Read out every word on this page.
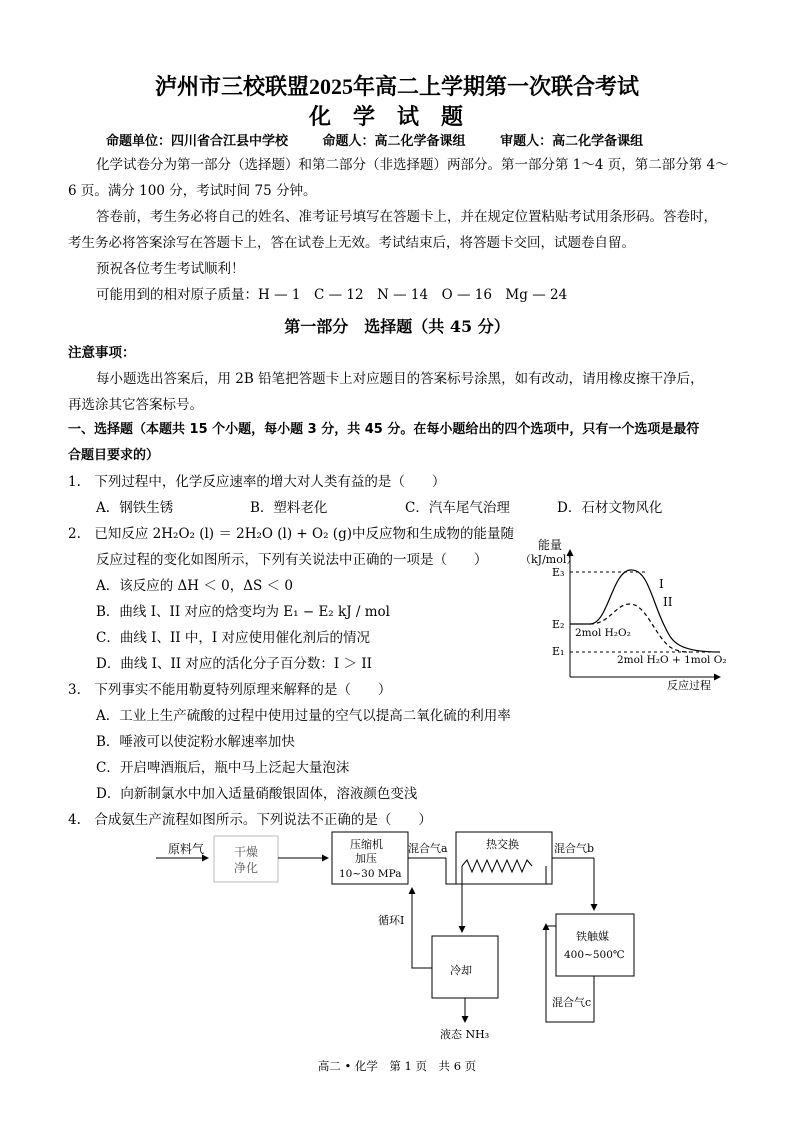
泸州市三校联盟2025年高二上学期第一次联合考试
化学试题
命题单位：四川省合江县中学校	命题人：高二化学备课组	审题人：高二化学备课组
化学试卷分为第一部分（选择题）和第二部分（非选择题）两部分。第一部分第 1～4 页，第二部分第 4～
6 页。满分 100 分，考试时间 75 分钟。
答卷前，考生务必将自己的姓名、准考证号填写在答题卡上，并在规定位置粘贴考试用条形码。答卷时，
考生务必将答案涂写在答题卡上，答在试卷上无效。考试结束后，将答题卡交回，试题卷自留。
预祝各位考生考试顺利！
可能用到的相对原子质量：H — 1　C — 12　N — 14　O — 16　Mg — 24
第一部分　选择题（共 45 分）
注意事项：
每小题选出答案后，用 2B 铅笔把答题卡上对应题目的答案标号涂黑，如有改动，请用橡皮擦干净后，
再选涂其它答案标号。
一、选择题（本题共 15 个小题，每小题 3 分，共 45 分。在每小题给出的四个选项中，只有一个选项是最符
合题目要求的）
1.　下列过程中，化学反应速率的增大对人类有益的是（　　）
A．钢铁生锈	B．塑料老化	C．汽车尾气治理	D．石材文物风化
2.　已知反应 2H₂O₂ (l) ＝ 2H₂O (l) + O₂ (g)中反应物和生成物的能量随
反应过程的变化如图所示，下列有关说法中正确的一项是（　　）
A．该反应的 ΔH ＜ 0，ΔS ＜ 0
B．曲线 I、II 对应的焓变均为 E₁ − E₂ kJ / mol
C．曲线 I、II 中，I 对应使用催化剂后的情况
D．曲线 I、II 对应的活化分子百分数：I ＞ II
能量
（kJ/mol）
反应过程
E₃
E₂
E₁
I
II
2mol H₂O₂
2mol H₂O + 1mol O₂
3.　下列事实不能用勒夏特列原理来解释的是（　　）
A．工业上生产硫酸的过程中使用过量的空气以提高二氧化硫的利用率
B．唾液可以使淀粉水解速率加快
C．开启啤酒瓶后，瓶中马上泛起大量泡沫
D．向新制氯水中加入适量硝酸银固体，溶液颜色变浅
4.　合成氨生产流程如图所示。下列说法不正确的是（　　）
原料气 干燥
净化
压缩机
加压
10~30 MPa
混合气a	热交换	混合气b
铁触媒
400~500℃
循环Ⅰ
冷却
混合气c
液态 NH₃
高二 • 化学　第 1 页　共 6 页
